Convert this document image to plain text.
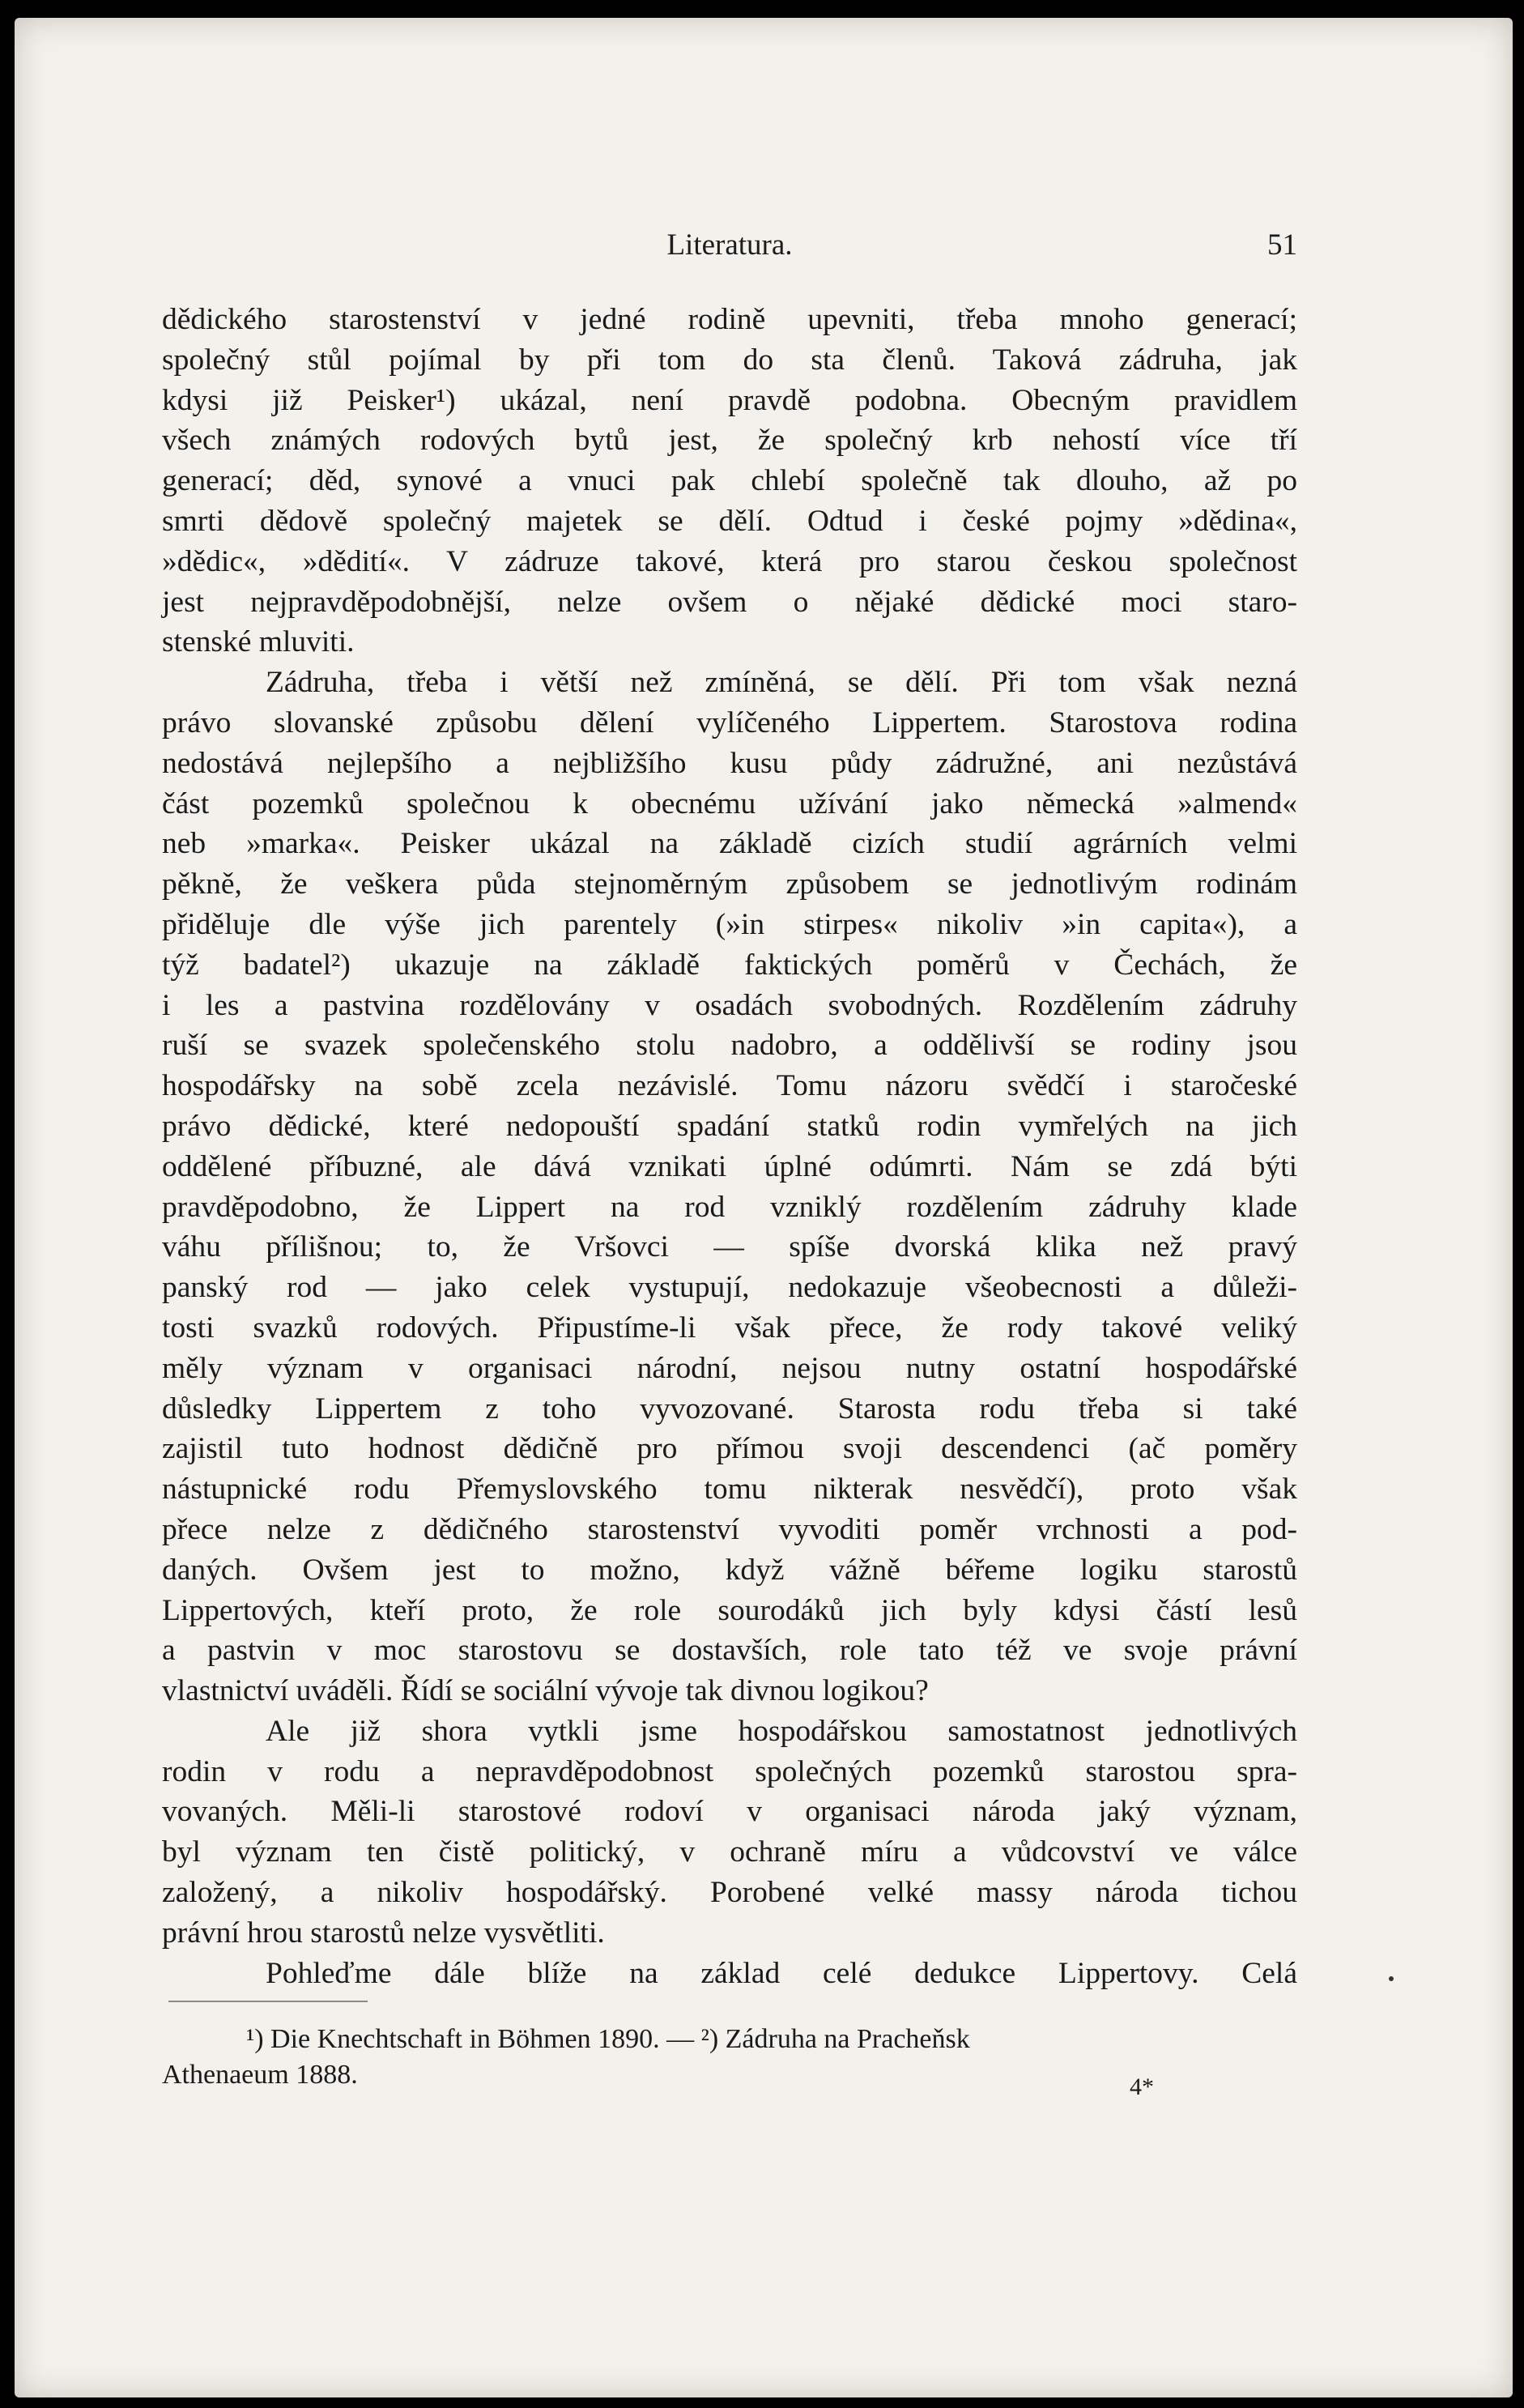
Literatura.	51
dědického starostenství v jedné rodině upevniti, třeba mnoho generací;
společný stůl pojímal by při tom do sta členů. Taková zádruha, jak
kdysi již Peisker¹) ukázal, není pravdě podobna. Obecným pravidlem
všech známých rodových bytů jest, že společný krb nehostí více tří
generací; děd, synové a vnuci pak chlebí společně tak dlouho, až po
smrti dědově společný majetek se dělí. Odtud i české pojmy »dědina«,
»dědic«, »dědití«. V zádruze takové, která pro starou českou společnost
jest nejpravděpodobnější, nelze ovšem o nějaké dědické moci staro-
stenské mluviti.
Zádruha, třeba i větší než zmíněná, se dělí. Při tom však nezná
právo slovanské způsobu dělení vylíčeného Lippertem. Starostova rodina
nedostává nejlepšího a nejbližšího kusu půdy zádružné, ani nezůstává
část pozemků společnou k obecnému užívání jako německá »almend«
neb »marka«. Peisker ukázal na základě cizích studií agrárních velmi
pěkně, že veškera půda stejnoměrným způsobem se jednotlivým rodinám
přiděluje dle výše jich parentely (»in stirpes« nikoliv »in capita«), a
týž badatel²) ukazuje na základě faktických poměrů v Čechách, že
i les a pastvina rozdělovány v osadách svobodných. Rozdělením zádruhy
ruší se svazek společenského stolu nadobro, a oddělivší se rodiny jsou
hospodářsky na sobě zcela nezávislé. Tomu názoru svědčí i staročeské
právo dědické, které nedopouští spadání statků rodin vymřelých na jich
oddělené příbuzné, ale dává vznikati úplné odúmrti. Nám se zdá býti
pravděpodobno, že Lippert na rod vzniklý rozdělením zádruhy klade
váhu přílišnou; to, že Vršovci — spíše dvorská klika než pravý
panský rod — jako celek vystupují, nedokazuje všeobecnosti a důleži-
tosti svazků rodových. Připustíme-li však přece, že rody takové veliký
měly význam v organisaci národní, nejsou nutny ostatní hospodářské
důsledky Lippertem z toho vyvozované. Starosta rodu třeba si také
zajistil tuto hodnost dědičně pro přímou svoji descendenci (ač poměry
nástupnické rodu Přemyslovského tomu nikterak nesvědčí), proto však
přece nelze z dědičného starostenství vyvoditi poměr vrchnosti a pod-
daných. Ovšem jest to možno, když vážně béřeme logiku starostů
Lippertových, kteří proto, že role sourodáků jich byly kdysi částí lesů
a pastvin v moc starostovu se dostavších, role tato též ve svoje právní
vlastnictví uváděli. Řídí se sociální vývoje tak divnou logikou?
Ale již shora vytkli jsme hospodářskou samostatnost jednotlivých
rodin v rodu a nepravděpodobnost společných pozemků starostou spra-
vovaných. Měli-li starostové rodoví v organisaci národa jaký význam,
byl význam ten čistě politický, v ochraně míru a vůdcovství ve válce
založený, a nikoliv hospodářský. Porobené velké massy národa tichou
právní hrou starostů nelze vysvětliti.
Pohleďme dále blíže na základ celé dedukce Lippertovy. Celá
¹) Die Knechtschaft in Böhmen 1890. — ²) Zádruha na Pracheňsk
Athenaeum 1888.	4*
